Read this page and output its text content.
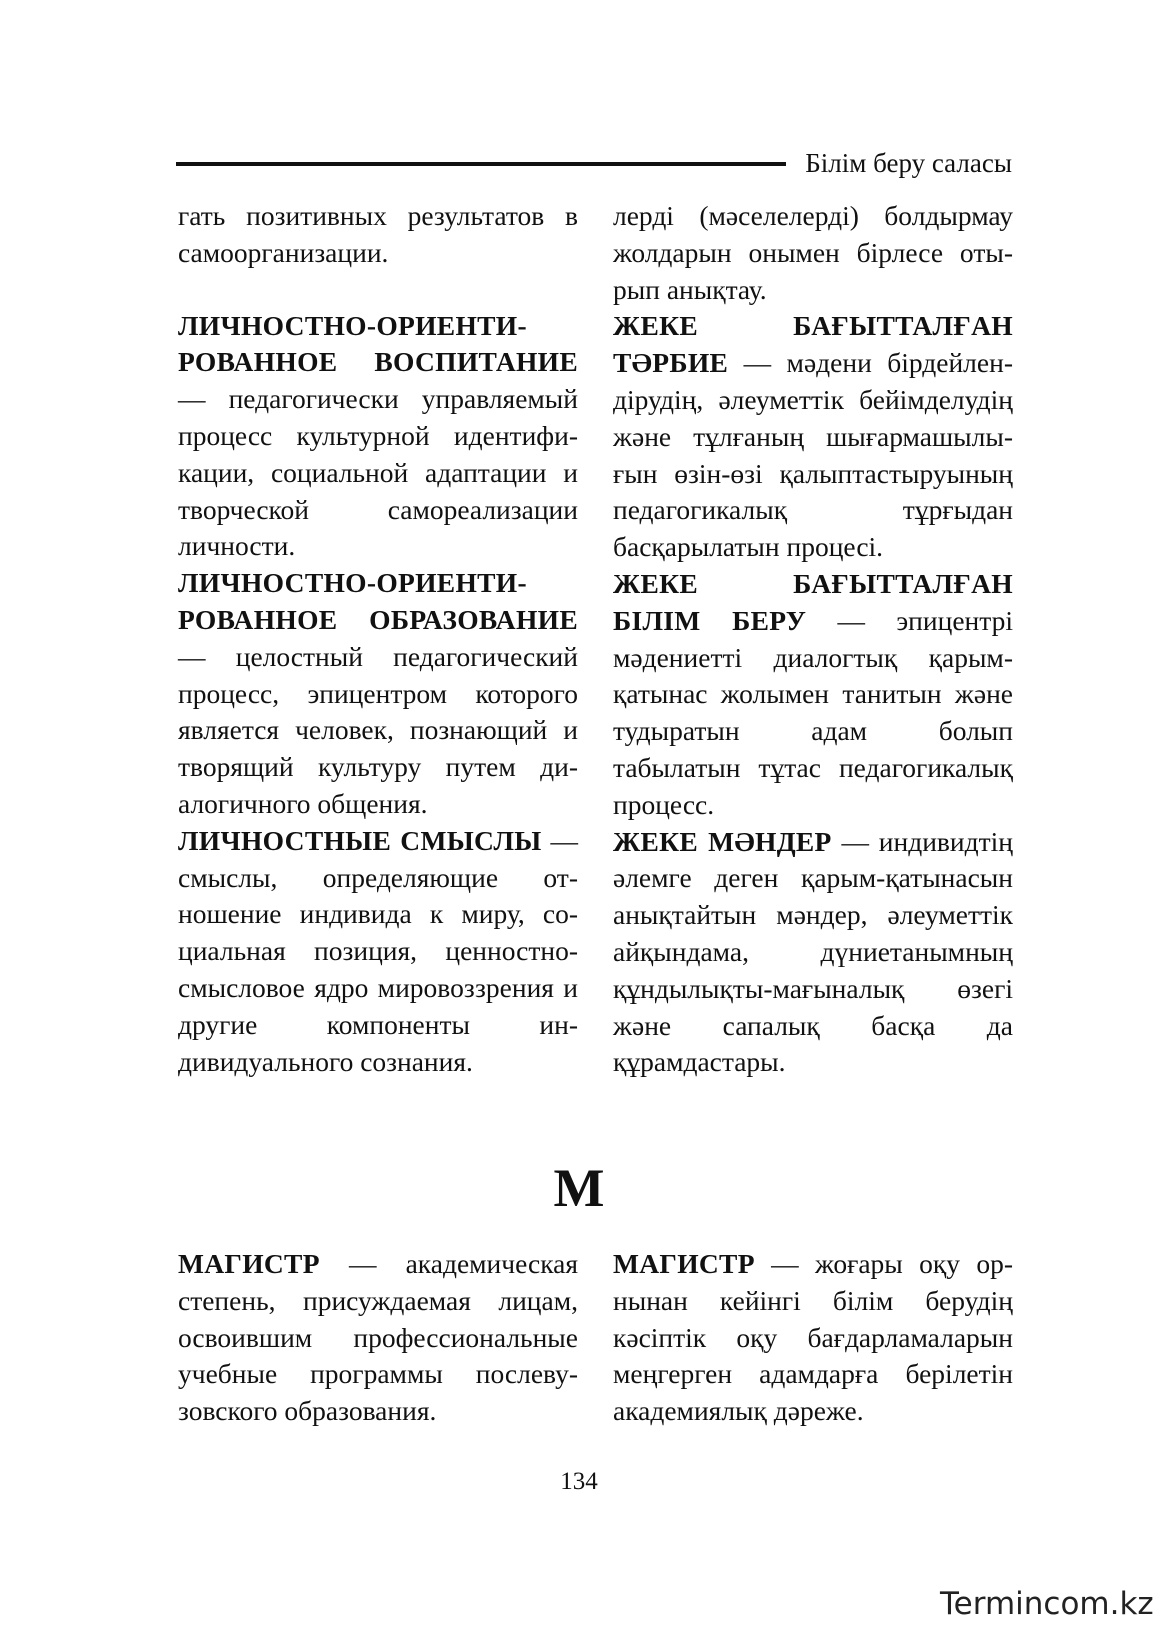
Білім беру саласы

гать позитивных результатов в самоорганизации.

ЛИЧНОСТНО-ОРИЕНТИРОВАННОЕ ВОСПИТАНИЕ — педагогически управляемый процесс культурной идентификации, социальной адаптации и творческой самореализации личности.

ЛИЧНОСТНО-ОРИЕНТИРОВАННОЕ ОБРАЗОВАНИЕ — целостный педагогический процесс, эпицентром которого является человек, познающий и творящий культуру путем диалогичного общения.

ЛИЧНОСТНЫЕ СМЫСЛЫ — смыслы, определяющие отношение индивида к миру, социальная позиция, ценностно-смысловое ядро мировоззрения и другие компоненты индивидуального сознания.

лерді (мәселелерді) болдырмау жолдарын онымен бірлесе отырып анықтау.

ЖЕКЕ БАҒЫТТАЛҒАН ТӘРБИЕ — мәдени бірдейлендірудің, әлеуметтік бейімделудің және тұлғаның шығармашылығын өзін-өзі қалыптастыруының педагогикалық тұрғыдан басқарылатын процесі.

ЖЕКЕ БАҒЫТТАЛҒАН БІЛІМ БЕРУ — эпицентрі мәдениетті диалогтық қарым-қатынас жолымен танитын және тудыратын адам болып табылатын тұтас педагогикалық процесс.

ЖЕКЕ МӘНДЕР — индивидтің әлемге деген қарым-қатынасын анықтайтын мәндер, әлеуметтік айқындама, дүниетанымның құндылықты-мағыналық өзегі және сапалық басқа да құрамдастары.

М

МАГИСТР — академическая степень, присуждаемая лицам, освоившим профессиональные учебные программы послевузовского образования.

МАГИСТР — жоғары оқу орнынан кейінгі білім берудің кәсіптік оқу бағдарламаларын меңгерген адамдарға берілетін академиялық дәреже.

134
Termincom.kz
